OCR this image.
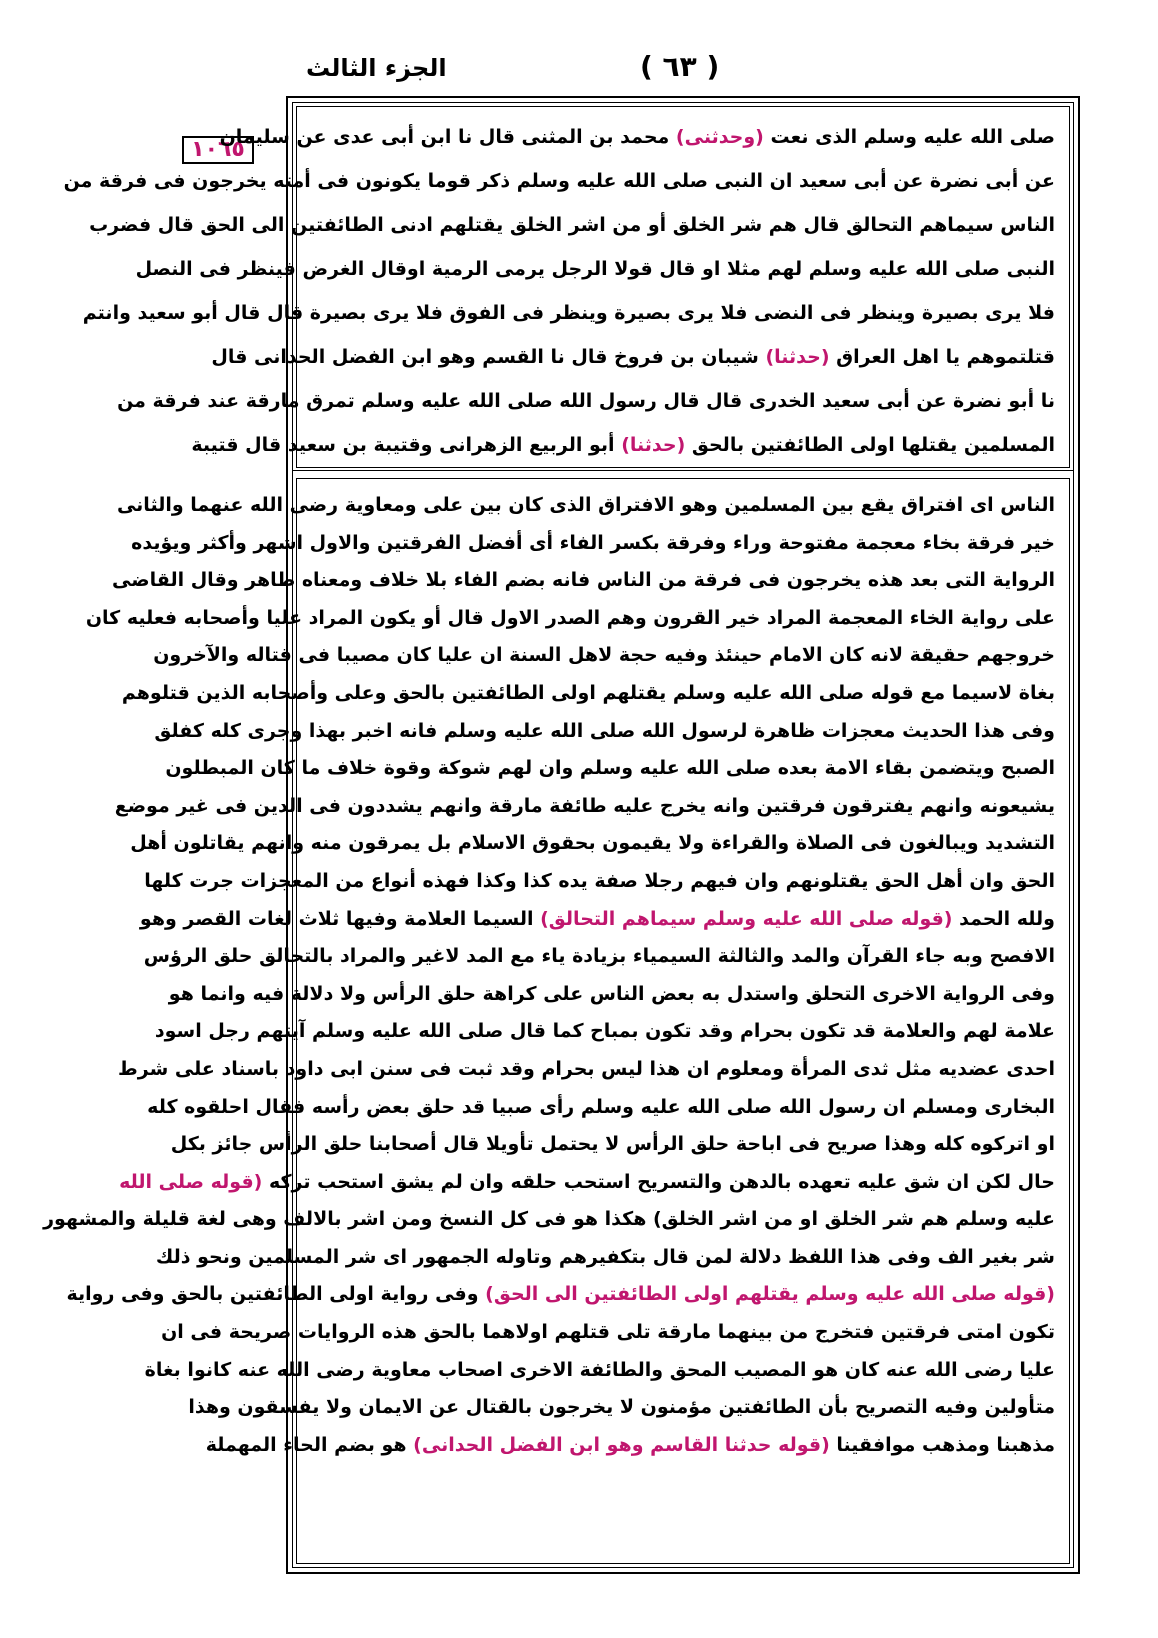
الجزء الثالث	( ٦٣ )
١٠٦٥	صلى الله عليه وسلم الذى نعت (وحدثنى) محمد بن المثنى قال نا ابن أبى عدى عن سليمان
عن أبى نضرة عن أبى سعيد ان النبى صلى الله عليه وسلم ذكر قوما يكونون فى أمته يخرجون فى فرقة من
الناس سيماهم التحالق قال هم شر الخلق أو من اشر الخلق يقتلهم ادنى الطائفتين الى الحق قال فضرب
النبى صلى الله عليه وسلم لهم مثلا او قال قولا الرجل يرمى الرمية اوقال الغرض فينظر فى النصل
فلا يرى بصيرة وينظر فى النضى فلا يرى بصيرة وينظر فى الفوق فلا يرى بصيرة قال قال أبو سعيد وانتم
قتلتموهم يا اهل العراق (حدثنا) شيبان بن فروخ قال نا القسم وهو ابن الفضل الحدانى قال
نا أبو نضرة عن أبى سعيد الخدرى قال قال رسول الله صلى الله عليه وسلم تمرق مارقة عند فرقة من
المسلمين يقتلها اولى الطائفتين بالحق (حدثنا) أبو الربيع الزهرانى وقتيبة بن سعيد قال قتيبة
الناس اى افتراق يقع بين المسلمين وهو الافتراق الذى كان بين على ومعاوية رضى الله عنهما والثانى
خير فرقة بخاء معجمة مفتوحة وراء وفرقة بكسر الفاء أى أفضل الفرقتين والاول اشهر وأكثر ويؤيده
الرواية التى بعد هذه يخرجون فى فرقة من الناس فانه بضم الفاء بلا خلاف ومعناه ظاهر وقال القاضى
على رواية الخاء المعجمة المراد خير القرون وهم الصدر الاول قال أو يكون المراد عليا وأصحابه فعليه كان
خروجهم حقيقة لانه كان الامام حينئذ وفيه حجة لاهل السنة ان عليا كان مصيبا فى قتاله والآخرون
بغاة لاسيما مع قوله صلى الله عليه وسلم يقتلهم اولى الطائفتين بالحق وعلى وأصحابه الذين قتلوهم
وفى هذا الحديث معجزات ظاهرة لرسول الله صلى الله عليه وسلم فانه اخبر بهذا وجرى كله كفلق
الصبح ويتضمن بقاء الامة بعده صلى الله عليه وسلم وان لهم شوكة وقوة خلاف ما كان المبطلون
يشيعونه وانهم يفترقون فرقتين وانه يخرج عليه طائفة مارقة وانهم يشددون فى الدين فى غير موضع
التشديد ويبالغون فى الصلاة والقراءة ولا يقيمون بحقوق الاسلام بل يمرقون منه وانهم يقاتلون أهل
الحق وان أهل الحق يقتلونهم وان فيهم رجلا صفة يده كذا وكذا فهذه أنواع من المعجزات جرت كلها
ولله الحمد (قوله صلى الله عليه وسلم سيماهم التحالق) السيما العلامة وفيها ثلاث لغات القصر وهو
الافصح وبه جاء القرآن والمد والثالثة السيمياء بزيادة ياء مع المد لاغير والمراد بالتحالق حلق الرؤس
وفى الرواية الاخرى التحلق واستدل به بعض الناس على كراهة حلق الرأس ولا دلالة فيه وانما هو
علامة لهم والعلامة قد تكون بحرام وقد تكون بمباح كما قال صلى الله عليه وسلم آيتهم رجل اسود
احدى عضديه مثل ثدى المرأة ومعلوم ان هذا ليس بحرام وقد ثبت فى سنن ابى داود باسناد على شرط
البخارى ومسلم ان رسول الله صلى الله عليه وسلم رأى صبيا قد حلق بعض رأسه فقال احلقوه كله
او اتركوه كله وهذا صريح فى اباحة حلق الرأس لا يحتمل تأويلا قال أصحابنا حلق الرأس جائز بكل
حال لكن ان شق عليه تعهده بالدهن والتسريح استحب حلقه وان لم يشق استحب تركه (قوله صلى الله
عليه وسلم هم شر الخلق او من اشر الخلق) هكذا هو فى كل النسخ ومن اشر بالالف وهى لغة قليلة والمشهور
شر بغير الف وفى هذا اللفظ دلالة لمن قال بتكفيرهم وتاوله الجمهور اى شر المسلمين ونحو ذلك
(قوله صلى الله عليه وسلم يقتلهم اولى الطائفتين الى الحق) وفى رواية اولى الطائفتين بالحق وفى رواية
تكون امتى فرقتين فتخرج من بينهما مارقة تلى قتلهم اولاهما بالحق هذه الروايات صريحة فى ان
عليا رضى الله عنه كان هو المصيب المحق والطائفة الاخرى اصحاب معاوية رضى الله عنه كانوا بغاة
متأولين وفيه التصريح بأن الطائفتين مؤمنون لا يخرجون بالقتال عن الايمان ولا يفسقون وهذا
مذهبنا ومذهب موافقينا (قوله حدثنا القاسم وهو ابن الفضل الحدانى) هو بضم الحاء المهملة
